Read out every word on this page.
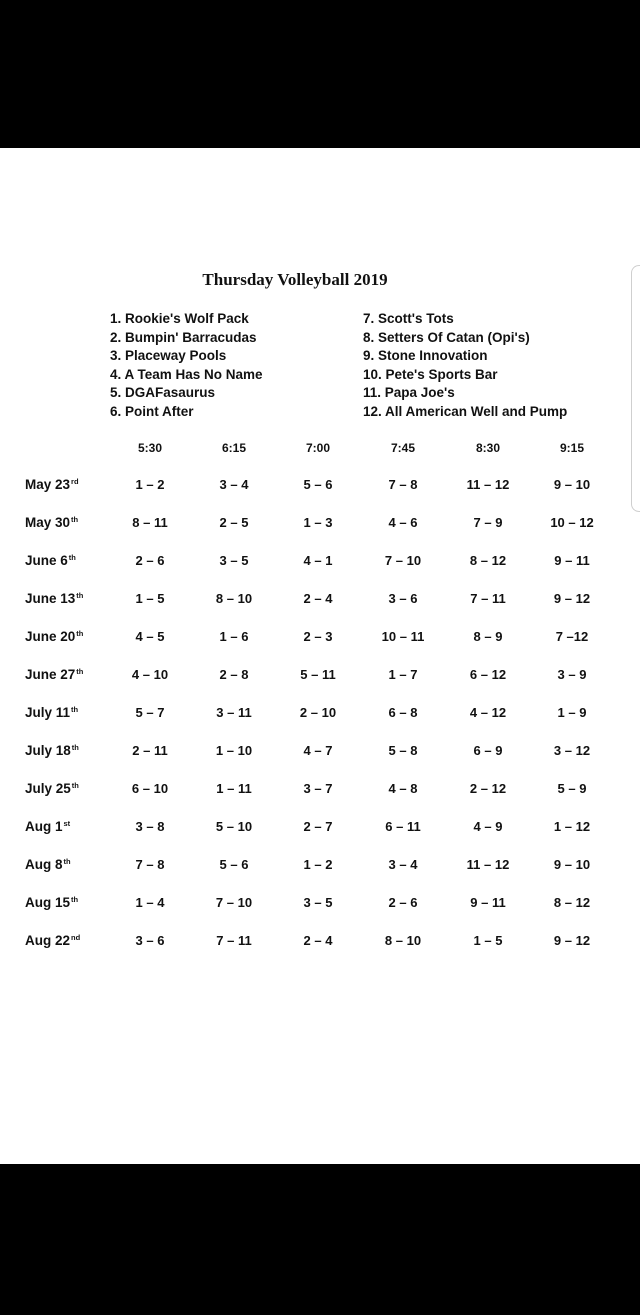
Thursday Volleyball 2019
1. Rookie's Wolf Pack
2. Bumpin' Barracudas
3. Placeway Pools
4. A Team Has No Name
5. DGAFasaurus
6. Point After
7. Scott's Tots
8. Setters Of Catan (Opi's)
9. Stone Innovation
10. Pete's Sports Bar
11. Papa Joe's
12. All American Well and Pump
5:30	6:15	7:00	7:45	8:30	9:15
May 23rd	1 – 2	3 – 4	5 – 6	7 – 8	11 – 12	9 – 10
May 30th	8 – 11	2 – 5	1 – 3	4 – 6	7 – 9	10 – 12
June 6th	2 – 6	3 – 5	4 – 1	7 – 10	8 – 12	9 – 11
June 13th	1 – 5	8 – 10	2 – 4	3 – 6	7 – 11	9 – 12
June 20th	4 – 5	1 – 6	2 – 3	10 – 11	8 – 9	7 –12
June 27th	4 – 10	2 – 8	5 – 11	1 – 7	6 – 12	3 – 9
July 11th	5 – 7	3 – 11	2 – 10	6 – 8	4 – 12	1 – 9
July 18th	2 – 11	1 – 10	4 – 7	5 – 8	6 – 9	3 – 12
July 25th	6 – 10	1 – 11	3 – 7	4 – 8	2 – 12	5 – 9
Aug 1st	3 – 8	5 – 10	2 – 7	6 – 11	4 – 9	1 – 12
Aug 8th	7 – 8	5 – 6	1 – 2	3 – 4	11 – 12	9 – 10
Aug 15th	1 – 4	7 – 10	3 – 5	2 – 6	9 – 11	8 – 12
Aug 22nd	3 – 6	7 – 11	2 – 4	8 – 10	1 – 5	9 – 12
